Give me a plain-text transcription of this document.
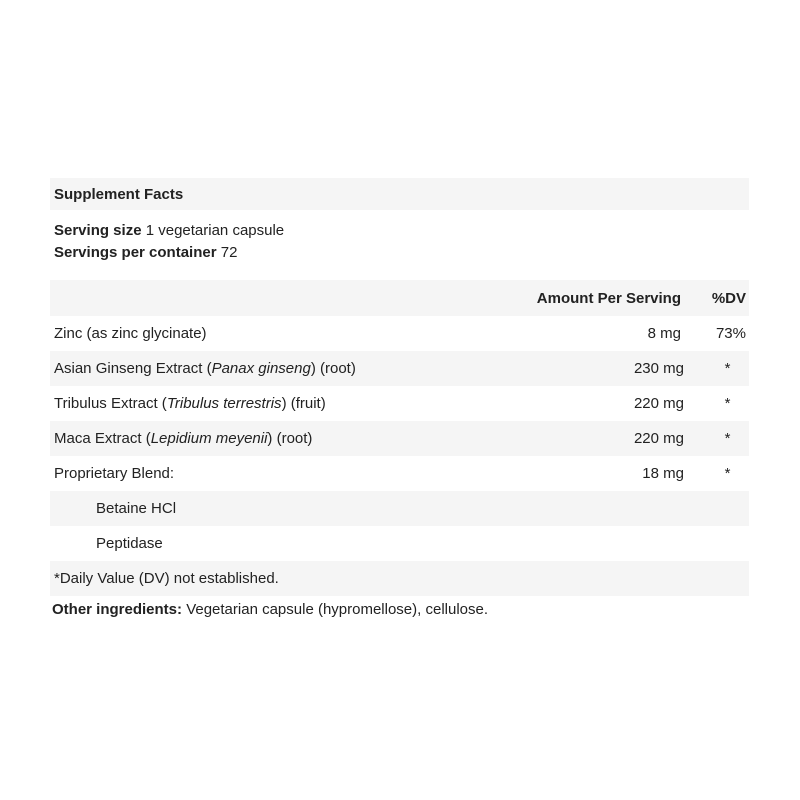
Supplement Facts
Serving size 1 vegetarian capsule
Servings per container 72
Amount Per Serving	%DV
Zinc (as zinc glycinate)	8 mg	73%
Asian Ginseng Extract (Panax ginseng) (root)	230 mg	*
Tribulus Extract (Tribulus terrestris) (fruit)	220 mg	*
Maca Extract (Lepidium meyenii) (root)	220 mg	*
Proprietary Blend:	18 mg	*
Betaine HCl
Peptidase
*Daily Value (DV) not established.
Other ingredients: Vegetarian capsule (hypromellose), cellulose.
